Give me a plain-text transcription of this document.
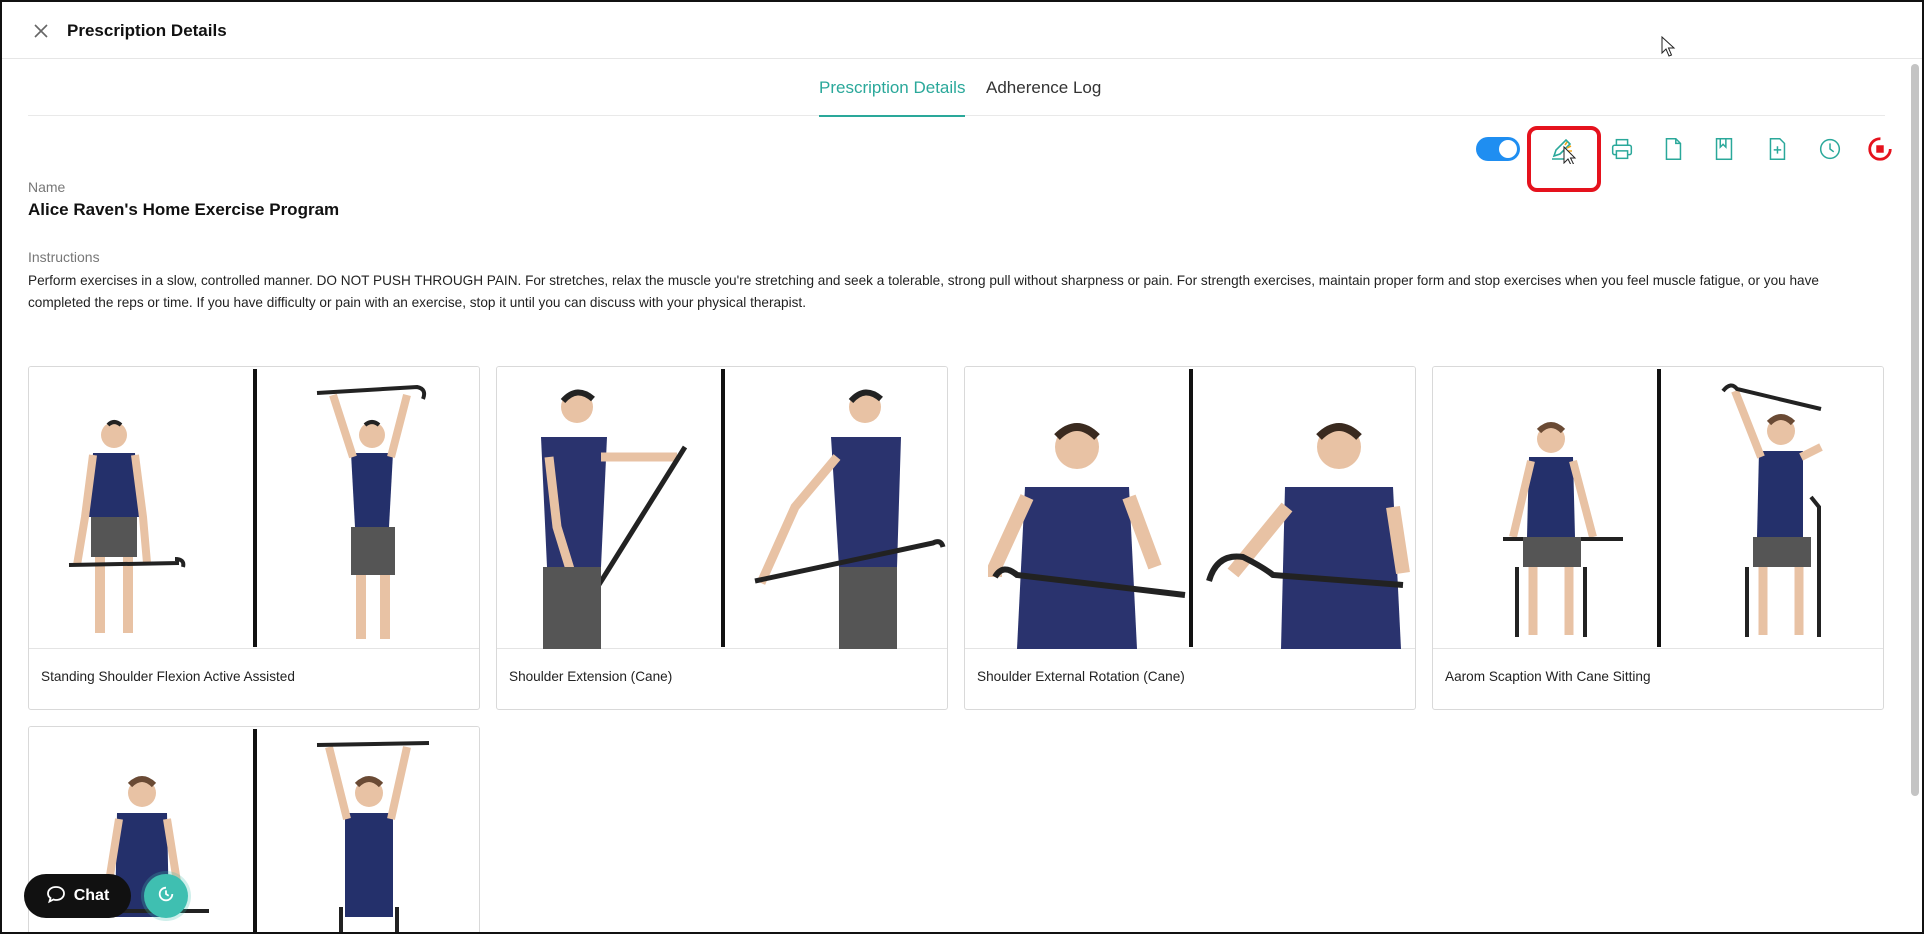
Prescription Details
Prescription Details Adherence Log
Name
Alice Raven's Home Exercise Program
Instructions
Perform exercises in a slow, controlled manner. DO NOT PUSH THROUGH PAIN. For stretches, relax the muscle you're stretching and seek a tolerable, strong pull without sharpness or pain. For strength exercises, maintain proper form and stop exercises when you feel muscle fatigue, or you have completed the reps or time. If you have difficulty or pain with an exercise, stop it until you can discuss with your physical therapist.
Standing Shoulder Flexion Active Assisted	Shoulder Extension (Cane)	Shoulder External Rotation (Cane)	Aarom Scaption With Cane Sitting
Chat
